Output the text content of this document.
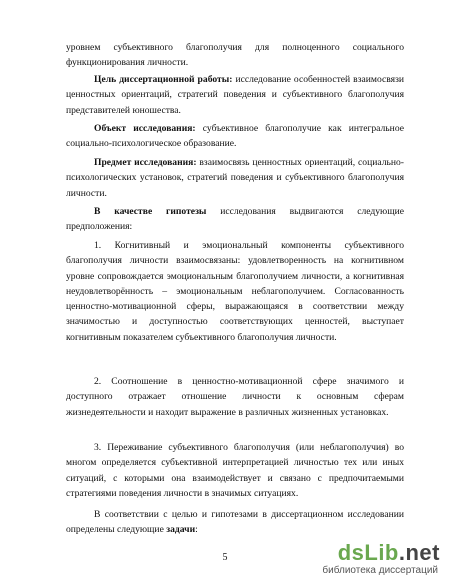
уровнем субъективного благополучия для полноценного социального функционирования личности.

Цель диссертационной работы: исследование особенностей взаимосвязи ценностных ориентаций, стратегий поведения и субъективного благополучия представителей юношества.

Объект исследования: субъективное благополучие как интегральное социально-психологическое образование.

Предмет исследования: взаимосвязь ценностных ориентаций, социально-психологических установок, стратегий поведения и субъективного благополучия личности.

В качестве гипотезы исследования выдвигаются следующие предположения:

1. Когнитивный и эмоциональный компоненты субъективного благополучия личности взаимосвязаны: удовлетворенность на когнитивном уровне сопровождается эмоциональным благополучием личности, а когнитивная неудовлетворённость – эмоциональным неблагополучием. Согласованность ценностно-мотивационной сферы, выражающаяся в соответствии между значимостью и доступностью соответствующих ценностей, выступает когнитивным показателем субъективного благополучия личности.

2. Соотношение в ценностно-мотивационной сфере значимого и доступного отражает отношение личности к основным сферам жизнедеятельности и находит выражение в различных жизненных установках.

3. Переживание субъективного благополучия (или неблагополучия) во многом определяется субъективной интерпретацией личностью тех или иных ситуаций, с которыми она взаимодействует и связано с предпочитаемыми стратегиями поведения личности в значимых ситуациях.

В соответствии с целью и гипотезами в диссертационном исследовании определены следующие задачи:

5	dsLib.net
библиотека диссертаций
